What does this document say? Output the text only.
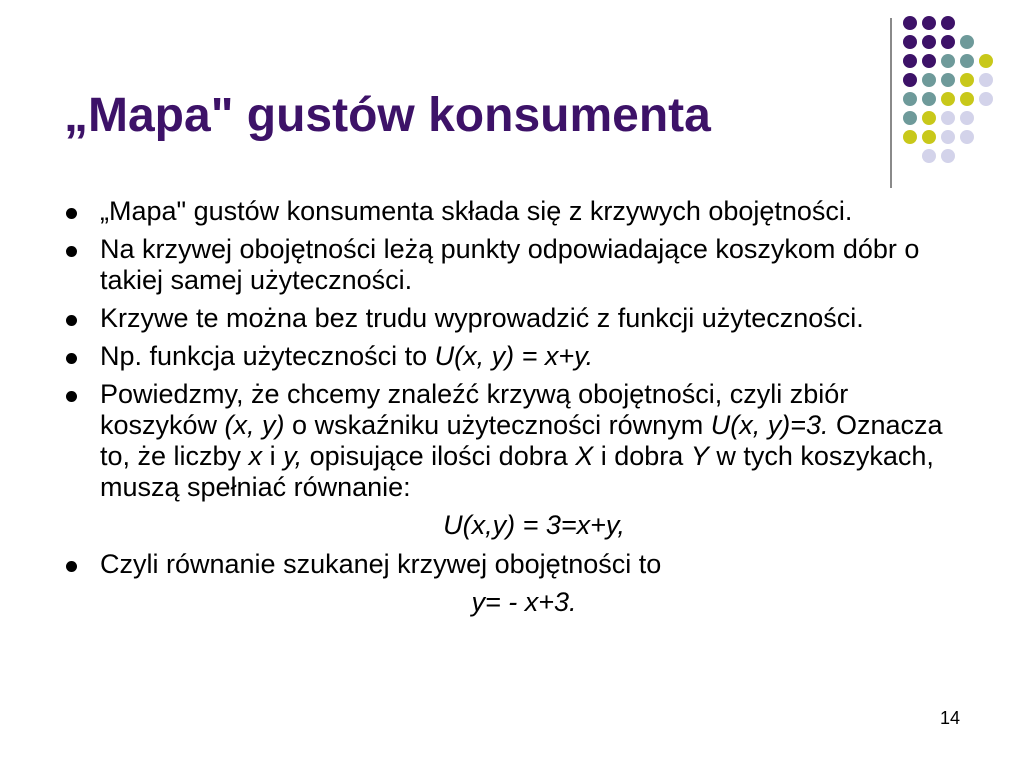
„Mapa" gustów konsumenta
„Mapa" gustów konsumenta składa się z krzywych obojętności.
Na krzywej obojętności leżą punkty odpowiadające koszykom dóbr o takiej samej użyteczności.
Krzywe te można bez trudu wyprowadzić z funkcji użyteczności.
Np. funkcja użyteczności to U(x, y) = x+y.
Powiedzmy, że chcemy znaleźć krzywą obojętności, czyli zbiór koszyków (x, y) o wskaźniku użyteczności równym U(x, y)=3. Oznacza to, że liczby x i y, opisujące ilości dobra X i dobra Y w tych koszykach, muszą spełniać równanie:
U(x,y) = 3=x+y,
Czyli równanie szukanej krzywej obojętności to
y= - x+3.
14
